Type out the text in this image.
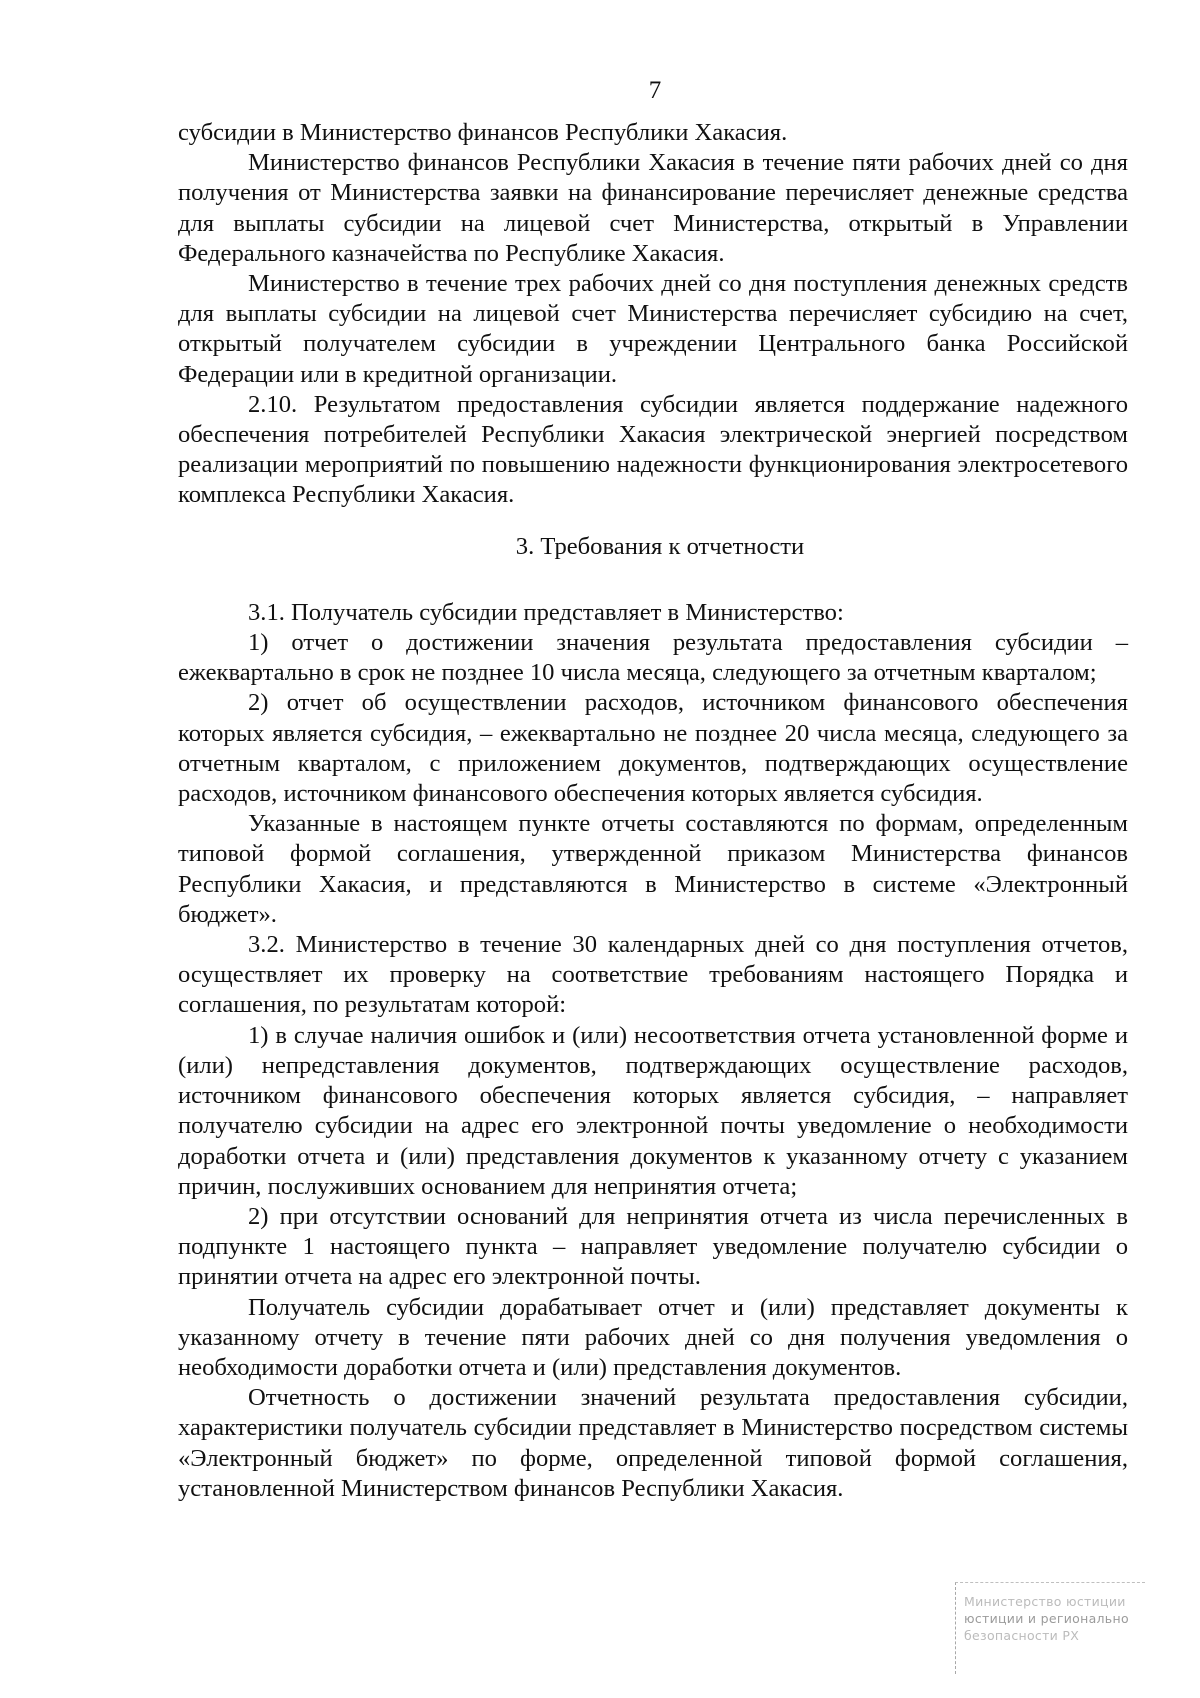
7

субсидии в Министерство финансов Республики Хакасия.

Министерство финансов Республики Хакасия в течение пяти рабочих дней со дня получения от Министерства заявки на финансирование перечисляет денежные средства для выплаты субсидии на лицевой счет Министерства, открытый в Управлении Федерального казначейства по Республике Хакасия.

Министерство в течение трех рабочих дней со дня поступления денежных средств для выплаты субсидии на лицевой счет Министерства перечисляет субсидию на счет, открытый получателем субсидии в учреждении Центрального банка Российской Федерации или в кредитной организации.

2.10. Результатом предоставления субсидии является поддержание надежного обеспечения потребителей Республики Хакасия электрической энергией посредством реализации мероприятий по повышению надежности функционирования электросетевого комплекса Республики Хакасия.

3. Требования к отчетности

3.1. Получатель субсидии представляет в Министерство:

1) отчет о достижении значения результата предоставления субсидии – ежеквартально в срок не позднее 10 числа месяца, следующего за отчетным кварталом;

2) отчет об осуществлении расходов, источником финансового обеспечения которых является субсидия, – ежеквартально не позднее 20 числа месяца, следующего за отчетным кварталом, с приложением документов, подтверждающих осуществление расходов, источником финансового обеспечения которых является субсидия.

Указанные в настоящем пункте отчеты составляются по формам, определенным типовой формой соглашения, утвержденной приказом Министерства финансов Республики Хакасия, и представляются в Министерство в системе «Электронный бюджет».

3.2. Министерство в течение 30 календарных дней со дня поступления отчетов, осуществляет их проверку на соответствие требованиям настоящего Порядка и соглашения, по результатам которой:

1) в случае наличия ошибок и (или) несоответствия отчета установленной форме и (или) непредставления документов, подтверждающих осуществление расходов, источником финансового обеспечения которых является субсидия, – направляет получателю субсидии на адрес его электронной почты уведомление о необходимости доработки отчета и (или) представления документов к указанному отчету с указанием причин, послуживших основанием для непринятия отчета;

2) при отсутствии оснований для непринятия отчета из числа перечисленных в подпункте 1 настоящего пункта – направляет уведомление получателю субсидии о принятии отчета на адрес его электронной почты.

Получатель субсидии дорабатывает отчет и (или) представляет документы к указанному отчету в течение пяти рабочих дней со дня получения уведомления о необходимости доработки отчета и (или) представления документов.

Отчетность о достижении значений результата предоставления субсидии, характеристики получатель субсидии представляет в Министерство посредством системы «Электронный бюджет» по форме, определенной типовой формой соглашения, установленной Министерством финансов Республики Хакасия.

Министерство юстиции
юстиции и регионально
безопасности РХ
